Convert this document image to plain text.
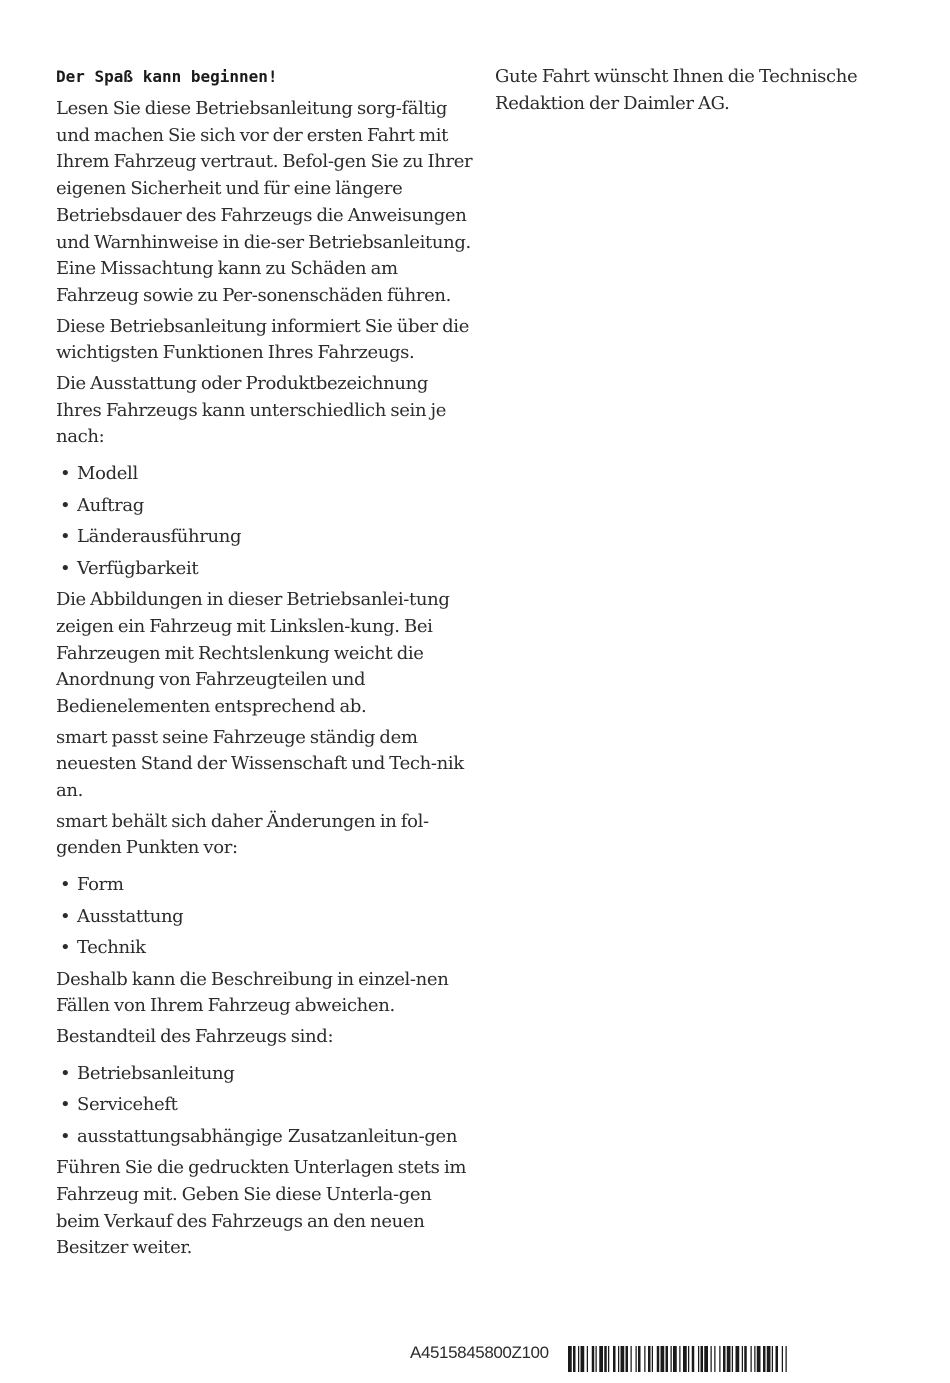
Der Spaß kann beginnen!

Lesen Sie diese Betriebsanleitung sorg-fältig und machen Sie sich vor der ersten Fahrt mit Ihrem Fahrzeug vertraut. Befol-gen Sie zu Ihrer eigenen Sicherheit und für eine längere Betriebsdauer des Fahrzeugs die Anweisungen und Warnhinweise in die-ser Betriebsanleitung. Eine Missachtung kann zu Schäden am Fahrzeug sowie zu Per-sonenschäden führen.

Diese Betriebsanleitung informiert Sie über die wichtigsten Funktionen Ihres Fahrzeugs.

Die Ausstattung oder Produktbezeichnung Ihres Fahrzeugs kann unterschiedlich sein je nach:

• Modell
• Auftrag
• Länderausführung
• Verfügbarkeit

Die Abbildungen in dieser Betriebsanlei-tung zeigen ein Fahrzeug mit Linkslen-kung. Bei Fahrzeugen mit Rechtslenkung weicht die Anordnung von Fahrzeugteilen und Bedienelementen entsprechend ab.

smart passt seine Fahrzeuge ständig dem neuesten Stand der Wissenschaft und Tech-nik an.

smart behält sich daher Änderungen in fol-genden Punkten vor:

• Form
• Ausstattung
• Technik

Deshalb kann die Beschreibung in einzel-nen Fällen von Ihrem Fahrzeug abweichen.

Bestandteil des Fahrzeugs sind:

• Betriebsanleitung
• Serviceheft
• ausstattungsabhängige Zusatzanleitun-gen

Führen Sie die gedruckten Unterlagen stets im Fahrzeug mit. Geben Sie diese Unterla-gen beim Verkauf des Fahrzeugs an den neuen Besitzer weiter.

Gute Fahrt wünscht Ihnen die Technische Redaktion der Daimler AG.

A4515845800Z100
